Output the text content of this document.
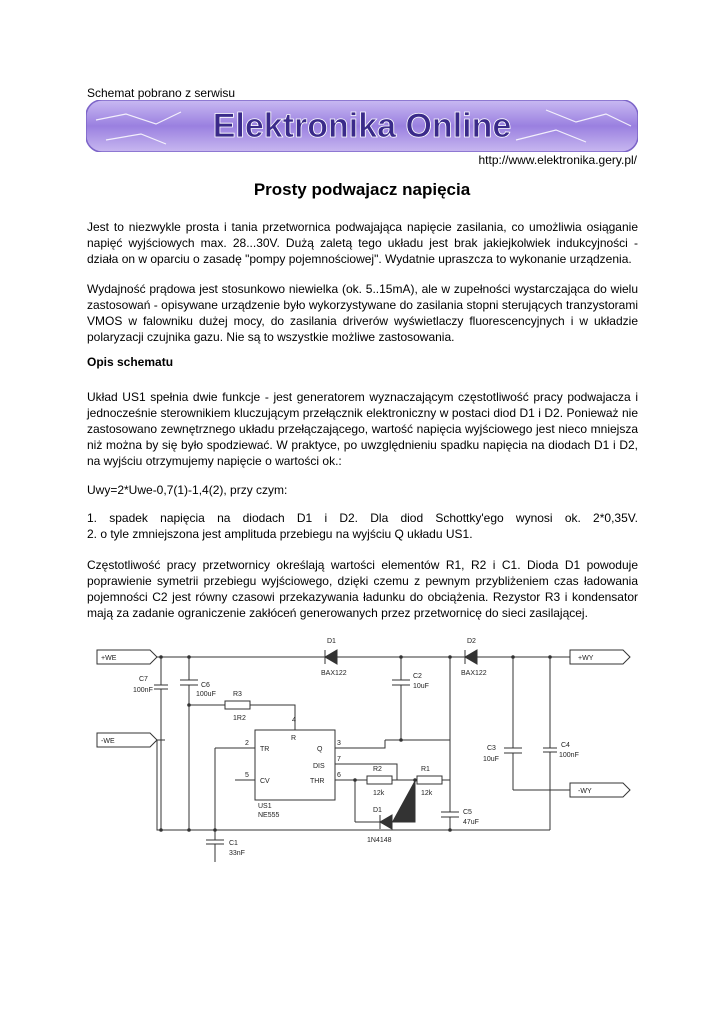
Schemat pobrano z serwisu
Elektronika Online
http://www.elektronika.gery.pl/
Prosty podwajacz napięcia
Jest to niezwykle prosta i tania przetwornica podwajająca napięcie zasilania, co umożliwia osiąganie napięć wyjściowych max. 28...30V. Dużą zaletą tego układu jest brak jakiejkolwiek indukcyjności - działa on w oparciu o zasadę "pompy pojemnościowej". Wydatnie upraszcza to wykonanie urządzenia.
Wydajność prądowa jest stosunkowo niewielka (ok. 5..15mA), ale w zupełności wystarczająca do wielu zastosowań - opisywane urządzenie było wykorzystywane do zasilania stopni sterujących tranzystorami VMOS w falowniku dużej mocy, do zasilania driverów wyświetlaczy fluorescencyjnych i w układzie polaryzacji czujnika gazu. Nie są to wszystkie możliwe zastosowania.
Opis schematu
Układ US1 spełnia dwie funkcje - jest generatorem wyznaczającym częstotliwość pracy podwajacza i jednocześnie sterownikiem kluczującym przełącznik elektroniczny w postaci diod D1 i D2. Ponieważ nie zastosowano zewnętrznego układu przełączającego, wartość napięcia wyjściowego jest nieco mniejsza niż można by się było spodziewać. W praktyce, po uwzględnieniu spadku napięcia na diodach D1 i D2, na wyjściu otrzymujemy napięcie o wartości ok.:
Uwy=2*Uwe-0,7(1)-1,4(2), przy czym:
1. spadek napięcia na diodach D1 i D2. Dla diod Schottky'ego wynosi ok. 2*0,35V.
2. o tyle zmniejszona jest amplituda przebiegu na wyjściu Q układu US1.
Częstotliwość pracy przetwornicy określają wartości elementów R1, R2 i C1. Dioda D1 powoduje poprawienie symetrii przebiegu wyjściowego, dzięki czemu z pewnym przybliżeniem czas ładowania pojemności C2 jest równy czasowi przekazywania ładunku do obciążenia. Rezystor R3 i kondensator mają za zadanie ograniczenie zakłóceń generowanych przez przetwornicę do sieci zasilającej.
+WE
-WE
D1
BAX122
D2
BAX122
+WY
C7
100nF
C6
100uF R3
1R2
C2
10uF
4
R
2
TR	Q
3
DIS
7
5
CV	THR
6
US1
NE555
R2
12k
R1
12k
D1
1N4148
C1
33nF
C5
47uF
C3
10uF
C4
100nF
-WY
